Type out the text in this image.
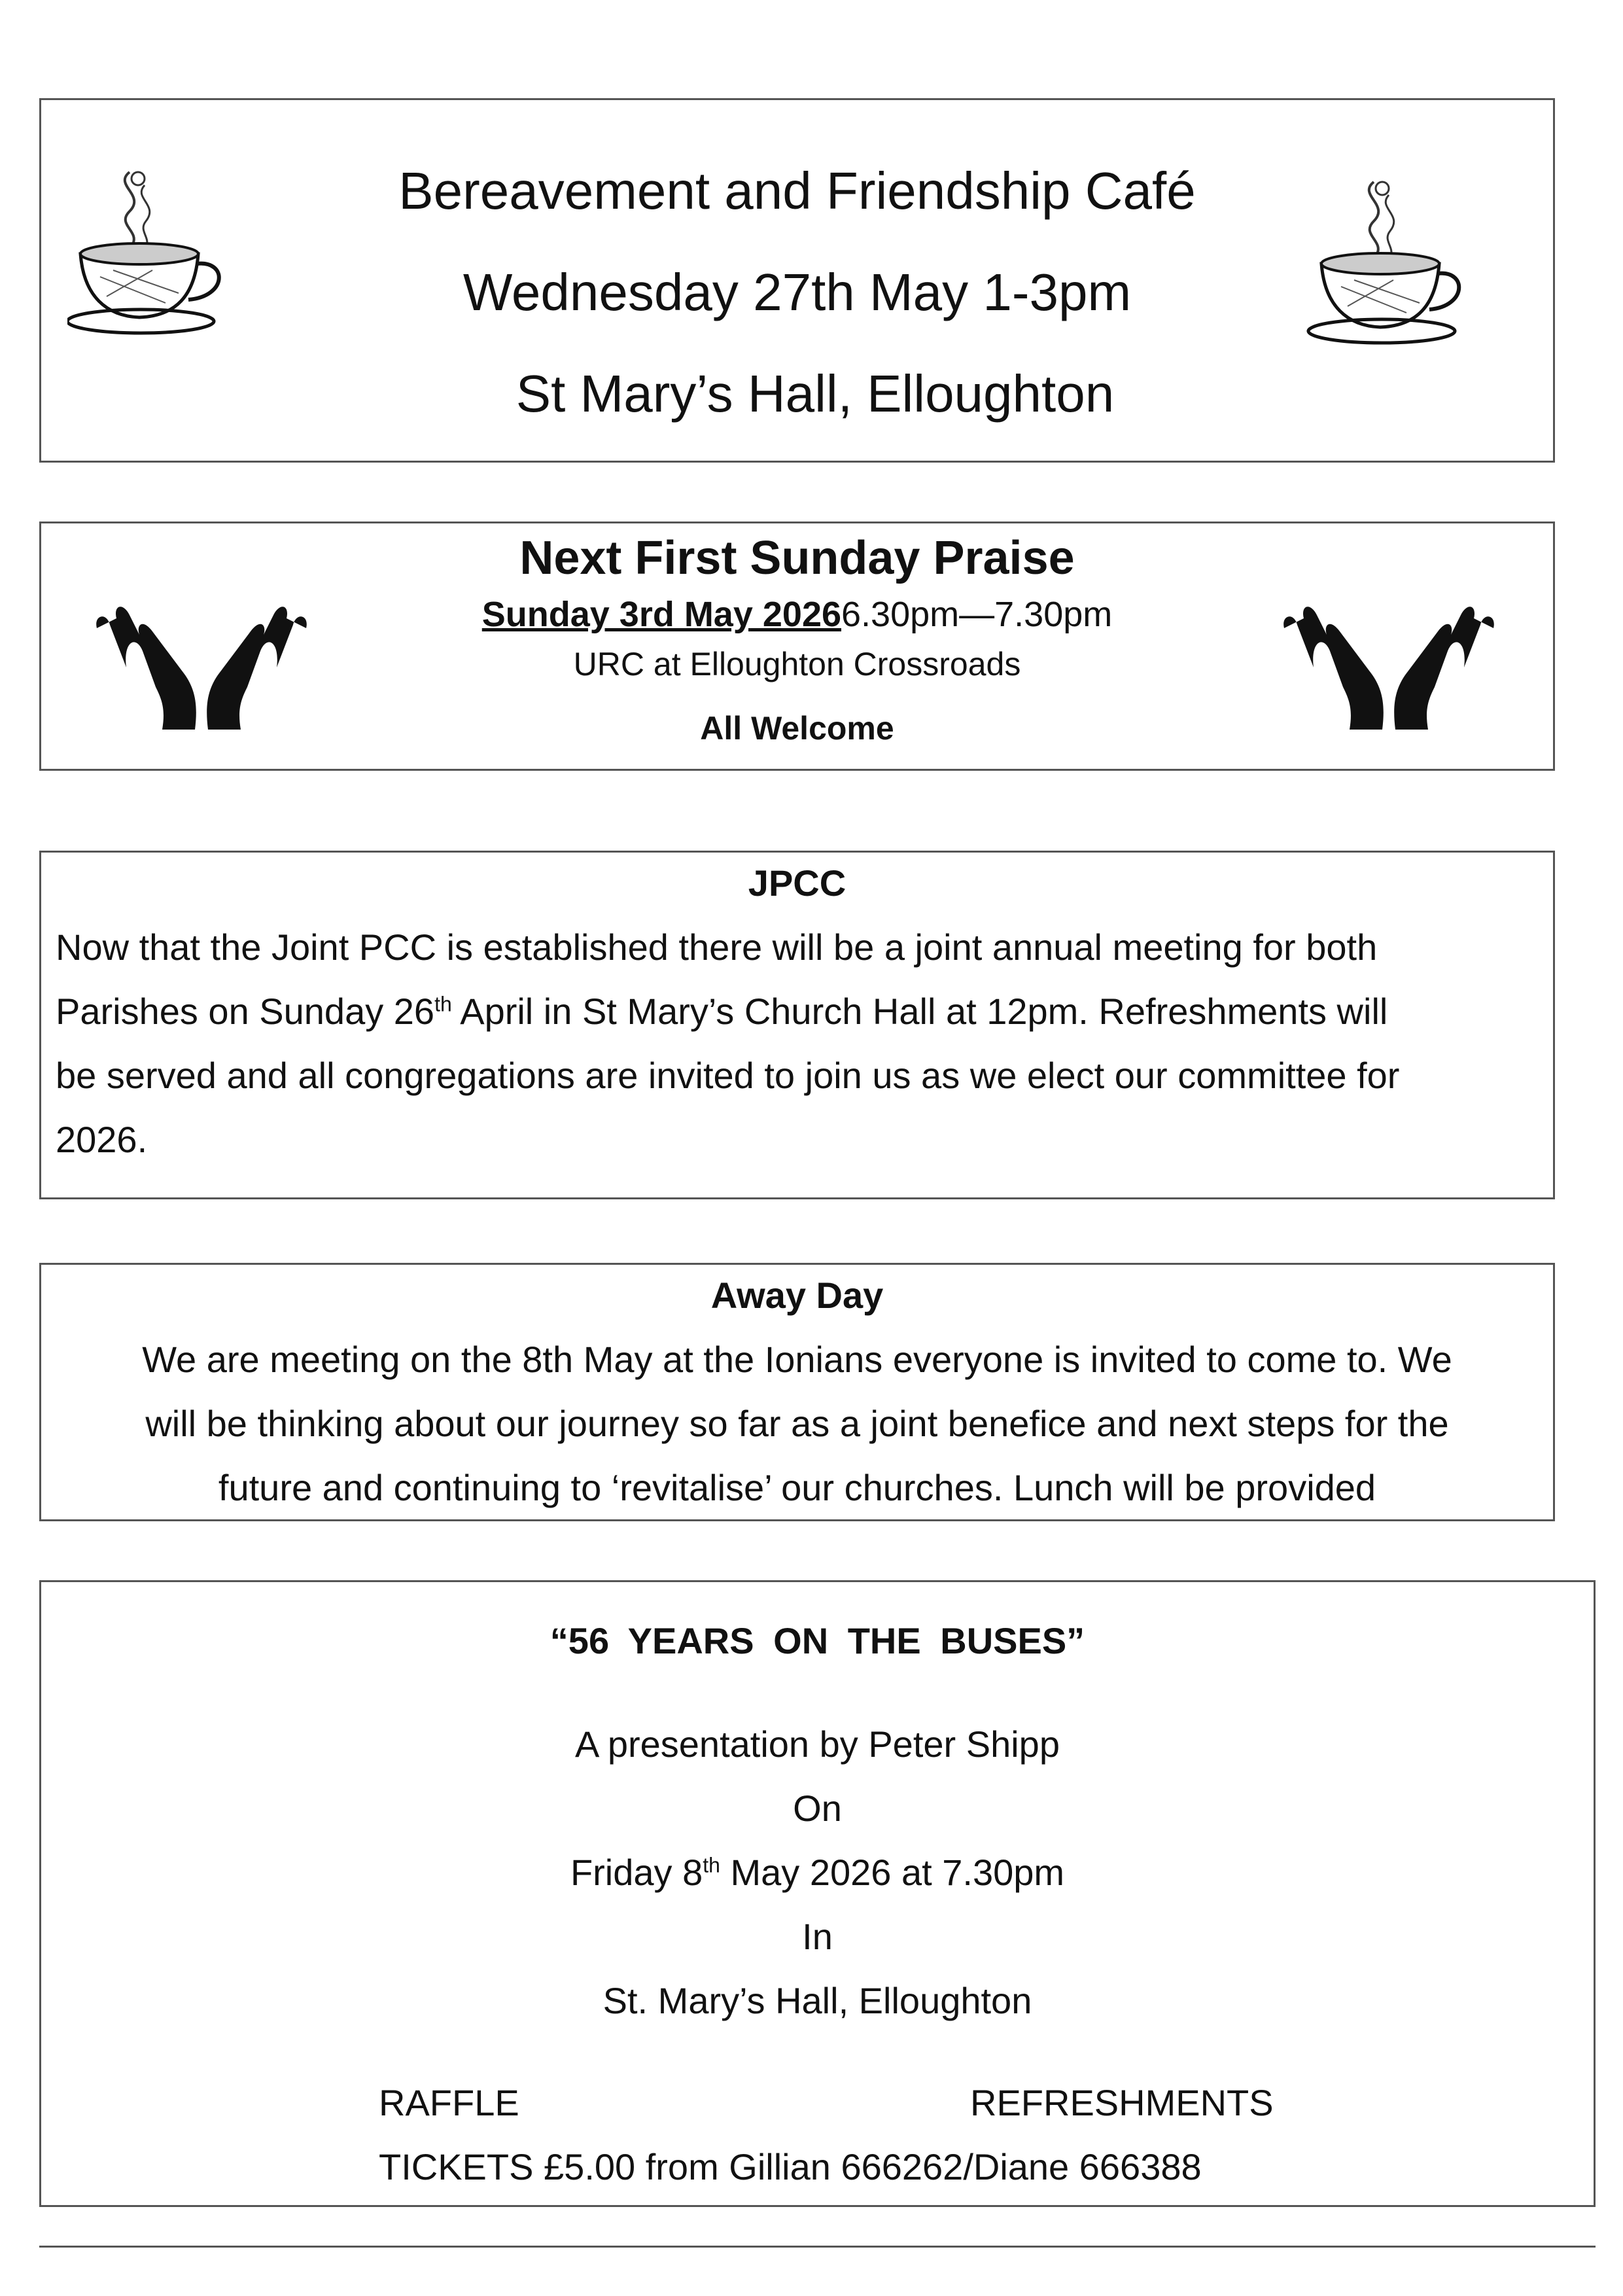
Bereavement and Friendship Café
Wednesday 27th May 1-3pm
St Mary’s Hall, Elloughton
Next First Sunday Praise
Sunday 3rd May 20266.30pm—7.30pm
URC at Elloughton Crossroads
All Welcome
JPCC
Now that the Joint PCC is established there will be a joint annual meeting for both
Parishes on Sunday 26th April in St Mary’s Church Hall at 12pm. Refreshments will
be served and all congregations are invited to join us as we elect our committee for
2026.
Away Day
We are meeting on the 8th May at the Ionians everyone is invited to come to. We
will be thinking about our journey so far as a joint benefice and next steps for the
future and continuing to ‘revitalise’ our churches. Lunch will be provided
“56 YEARS ON THE BUSES”
A presentation by Peter Shipp
On
Friday 8th May 2026 at 7.30pm
In
St. Mary’s Hall, Elloughton
RAFFLE	REFRESHMENTS
TICKETS £5.00 from Gillian 666262/Diane 666388
